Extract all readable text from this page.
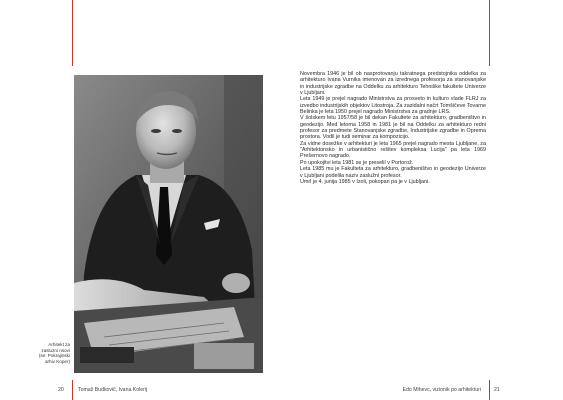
Arhitekt za
zasluzni nsovi
(se: Pokrajinski
arhiv Koper)

Novembra 1946 je bil ob nasprotovanju takratnega predstojnika oddelka za arhitekturo Ivana Vurnika imenovan za izrednega profesorja za stanovanjske in industrijske zgradbe na Oddelku za arhitekturo Tehniške fakultete Univerze v Ljubljani.

Leta 1949 je prejel nagrado Ministrstva za prosveto in kulturo vlade FLRJ za izvedbo industrijskih objektov Litostroja. Za zazidalni načrt Tomšičeve Tovarne Belinka je leta 1950 prejel nagrado Ministrstva za gradnje LRS.

V šolskem letu 1957/58 je bil dekan Fakultete za arhitekturo, gradbeništvo in geodezijo. Med letoma 1958 in 1981 je bil na Oddelku za arhitekturo redni profesor za predmete Stanovanjske zgradbe, Industrijske zgradbe in Oprema prostora. Vodil je tudi seminar za kompozicijo.

Za vidne dosežke v arhitekturi je leta 1965 prejel nagrado mesta Ljubljane, za "Arhitektonsko in urbanistično rešitev kompleksa Lucija" pa leta 1969 Prešernovo nagrado.

Po upokojitvi leta 1981 se je preselil v Portorož.

Leta 1985 mu je Fakulteta za arhitekturo, gradbeništvo in geodezijo Univerze v Ljubljani podelila naziv zaslužni profesor.

Umrl je 4. junija 1985 v Izoli, pokopan pa je v Ljubljani.

20	Tomaž Budkovič, Ivana Kolerij	Edo Mihevc, vizionik po arhitekturi	21
